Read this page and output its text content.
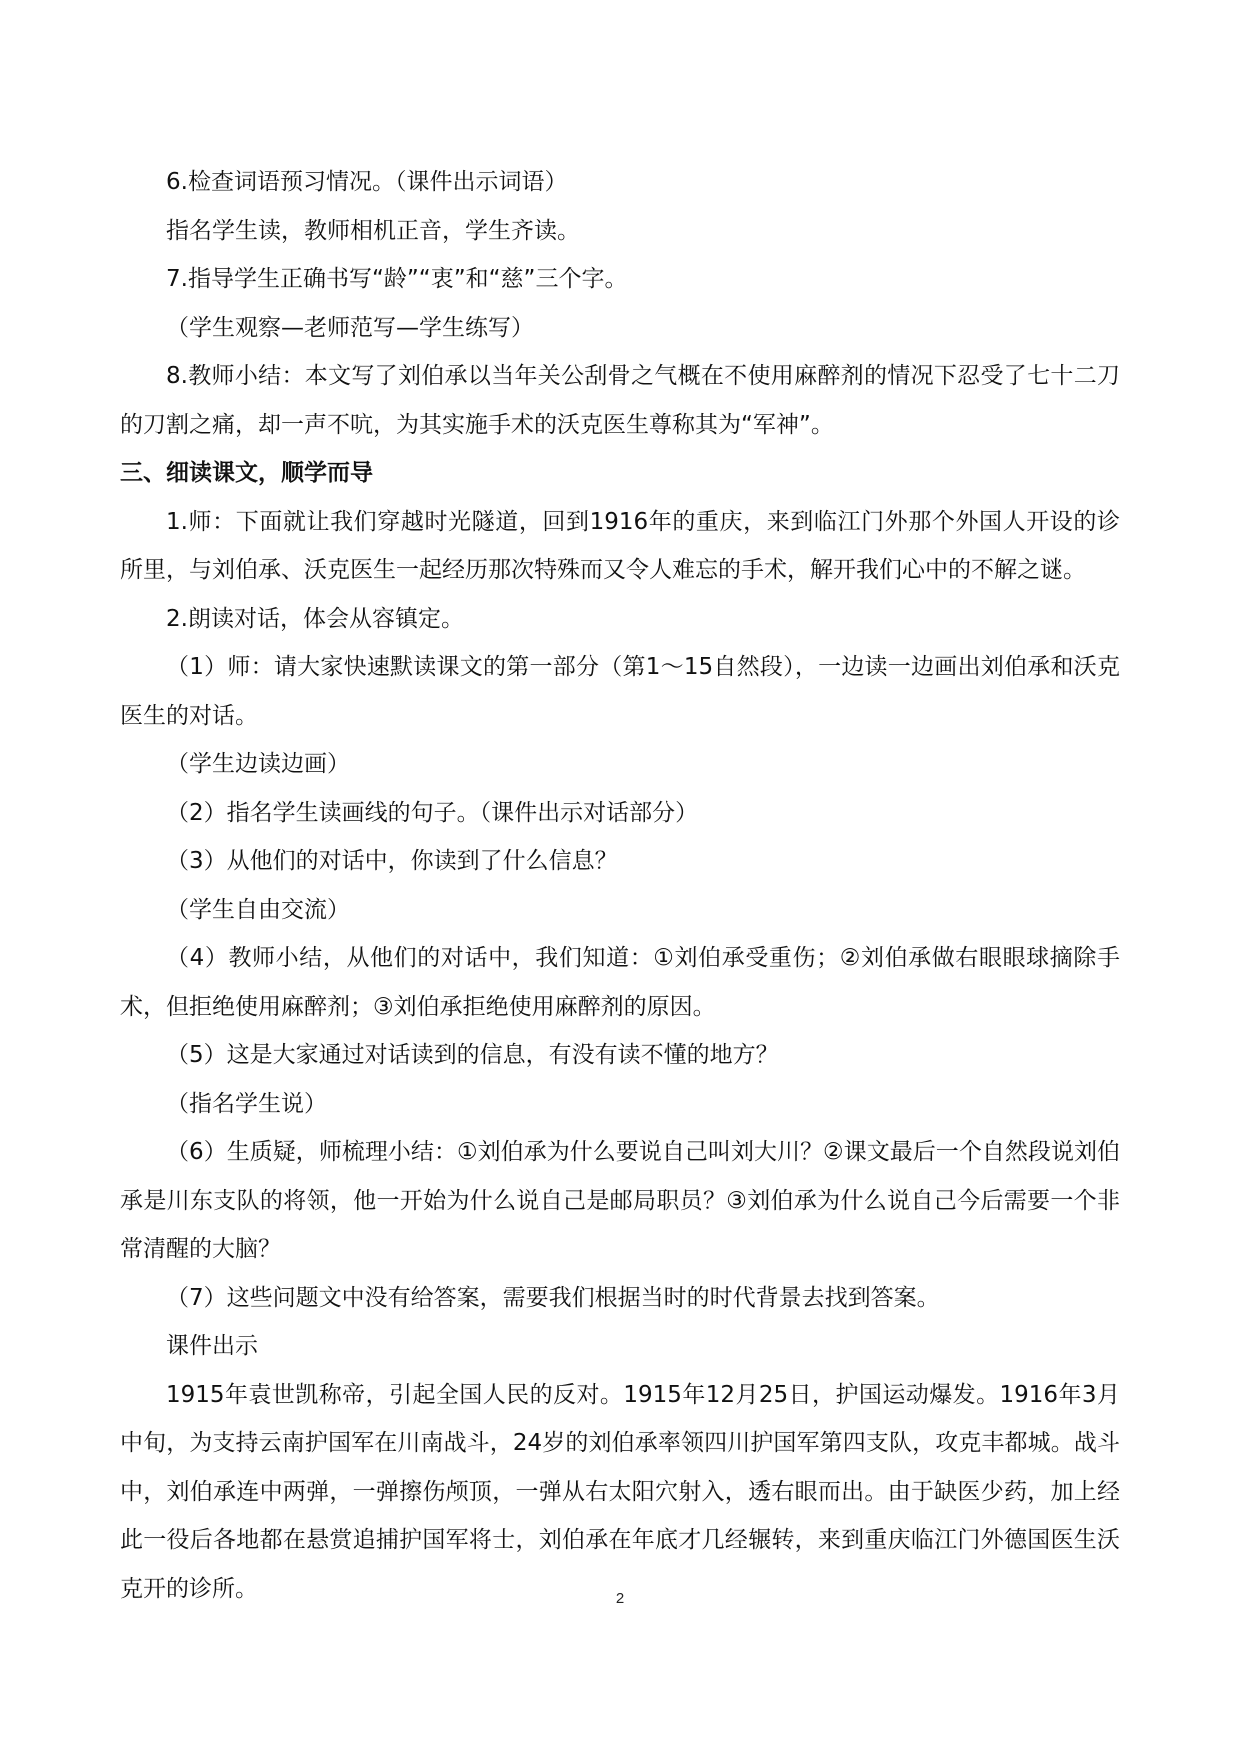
6.检查词语预习情况。（课件出示词语）

指名学生读，教师相机正音，学生齐读。

7.指导学生正确书写“龄”“衷”和“慈”三个字。

（学生观察—老师范写—学生练写）

8.教师小结：本文写了刘伯承以当年关公刮骨之气概在不使用麻醉剂的情况下忍受了七十二刀的刀割之痛，却一声不吭，为其实施手术的沃克医生尊称其为“军神”。

三、细读课文，顺学而导

1.师：下面就让我们穿越时光隧道，回到1916年的重庆，来到临江门外那个外国人开设的诊所里，与刘伯承、沃克医生一起经历那次特殊而又令人难忘的手术，解开我们心中的不解之谜。

2.朗读对话，体会从容镇定。

（1）师：请大家快速默读课文的第一部分（第1～15自然段），一边读一边画出刘伯承和沃克医生的对话。

（学生边读边画）

（2）指名学生读画线的句子。（课件出示对话部分）

（3）从他们的对话中，你读到了什么信息？

（学生自由交流）

（4）教师小结，从他们的对话中，我们知道：①刘伯承受重伤；②刘伯承做右眼眼球摘除手术，但拒绝使用麻醉剂；③刘伯承拒绝使用麻醉剂的原因。

（5）这是大家通过对话读到的信息，有没有读不懂的地方？

（指名学生说）

（6）生质疑，师梳理小结：①刘伯承为什么要说自己叫刘大川？②课文最后一个自然段说刘伯承是川东支队的将领，他一开始为什么说自己是邮局职员？③刘伯承为什么说自己今后需要一个非常清醒的大脑？

（7）这些问题文中没有给答案，需要我们根据当时的时代背景去找到答案。

课件出示

1915年袁世凯称帝，引起全国人民的反对。1915年12月25日，护国运动爆发。1916年3月中旬，为支持云南护国军在川南战斗，24岁的刘伯承率领四川护国军第四支队，攻克丰都城。战斗中，刘伯承连中两弹，一弹擦伤颅顶，一弹从右太阳穴射入，透右眼而出。由于缺医少药，加上经此一役后各地都在悬赏追捕护国军将士，刘伯承在年底才几经辗转，来到重庆临江门外德国医生沃克开的诊所。	2
